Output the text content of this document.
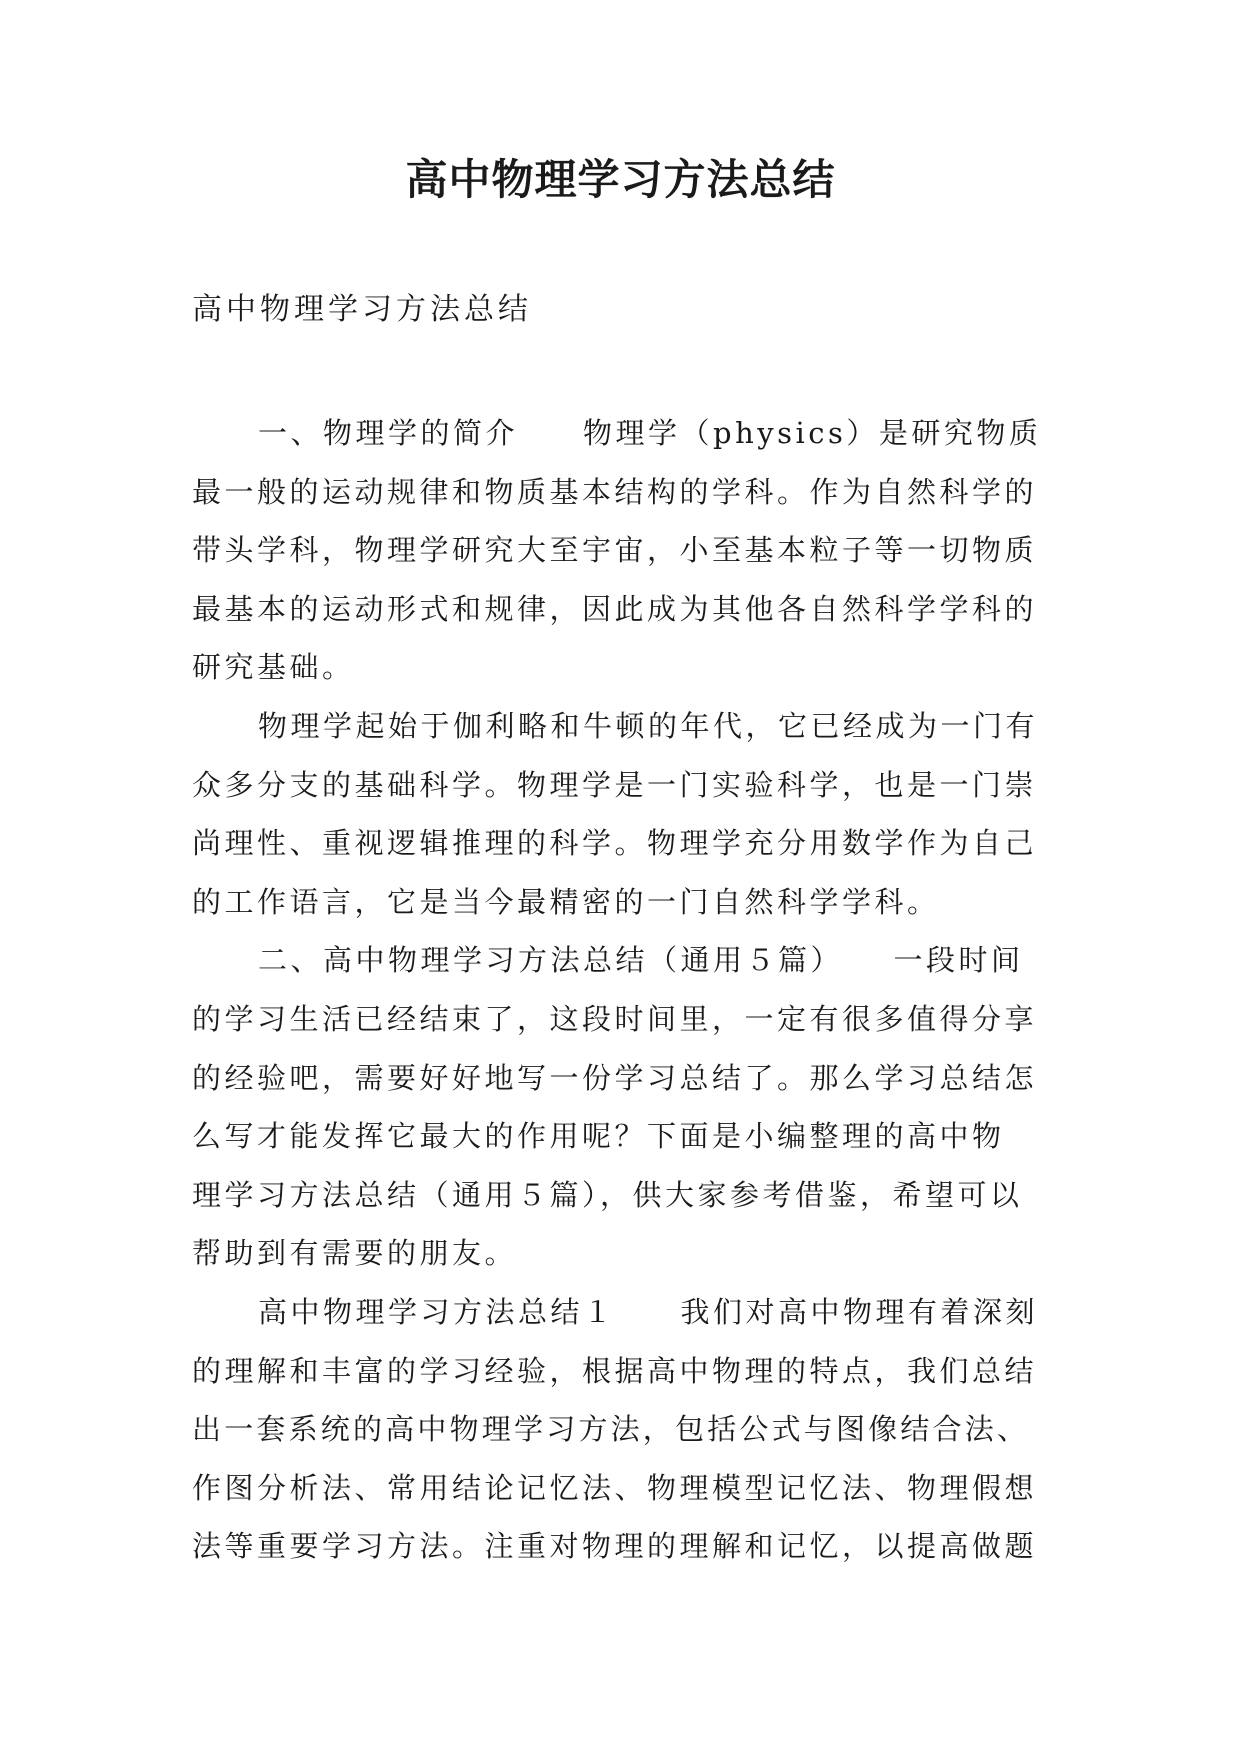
高中物理学习方法总结

高中物理学习方法总结

一、物理学的简介　　物理学（physics）是研究物质
最一般的运动规律和物质基本结构的学科。作为自然科学的
带头学科，物理学研究大至宇宙，小至基本粒子等一切物质
最基本的运动形式和规律，因此成为其他各自然科学学科的
研究基础。
物理学起始于伽利略和牛顿的年代，它已经成为一门有
众多分支的基础科学。物理学是一门实验科学，也是一门崇
尚理性、重视逻辑推理的科学。物理学充分用数学作为自己
的工作语言，它是当今最精密的一门自然科学学科。
二、高中物理学习方法总结（通用５篇）　　一段时间
的学习生活已经结束了，这段时间里，一定有很多值得分享
的经验吧，需要好好地写一份学习总结了。那么学习总结怎
么写才能发挥它最大的作用呢？下面是小编整理的高中物
理学习方法总结（通用５篇），供大家参考借鉴，希望可以
帮助到有需要的朋友。
高中物理学习方法总结１　　我们对高中物理有着深刻
的理解和丰富的学习经验，根据高中物理的特点，我们总结
出一套系统的高中物理学习方法，包括公式与图像结合法、
作图分析法、常用结论记忆法、物理模型记忆法、物理假想
法等重要学习方法。注重对物理的理解和记忆，以提高做题
